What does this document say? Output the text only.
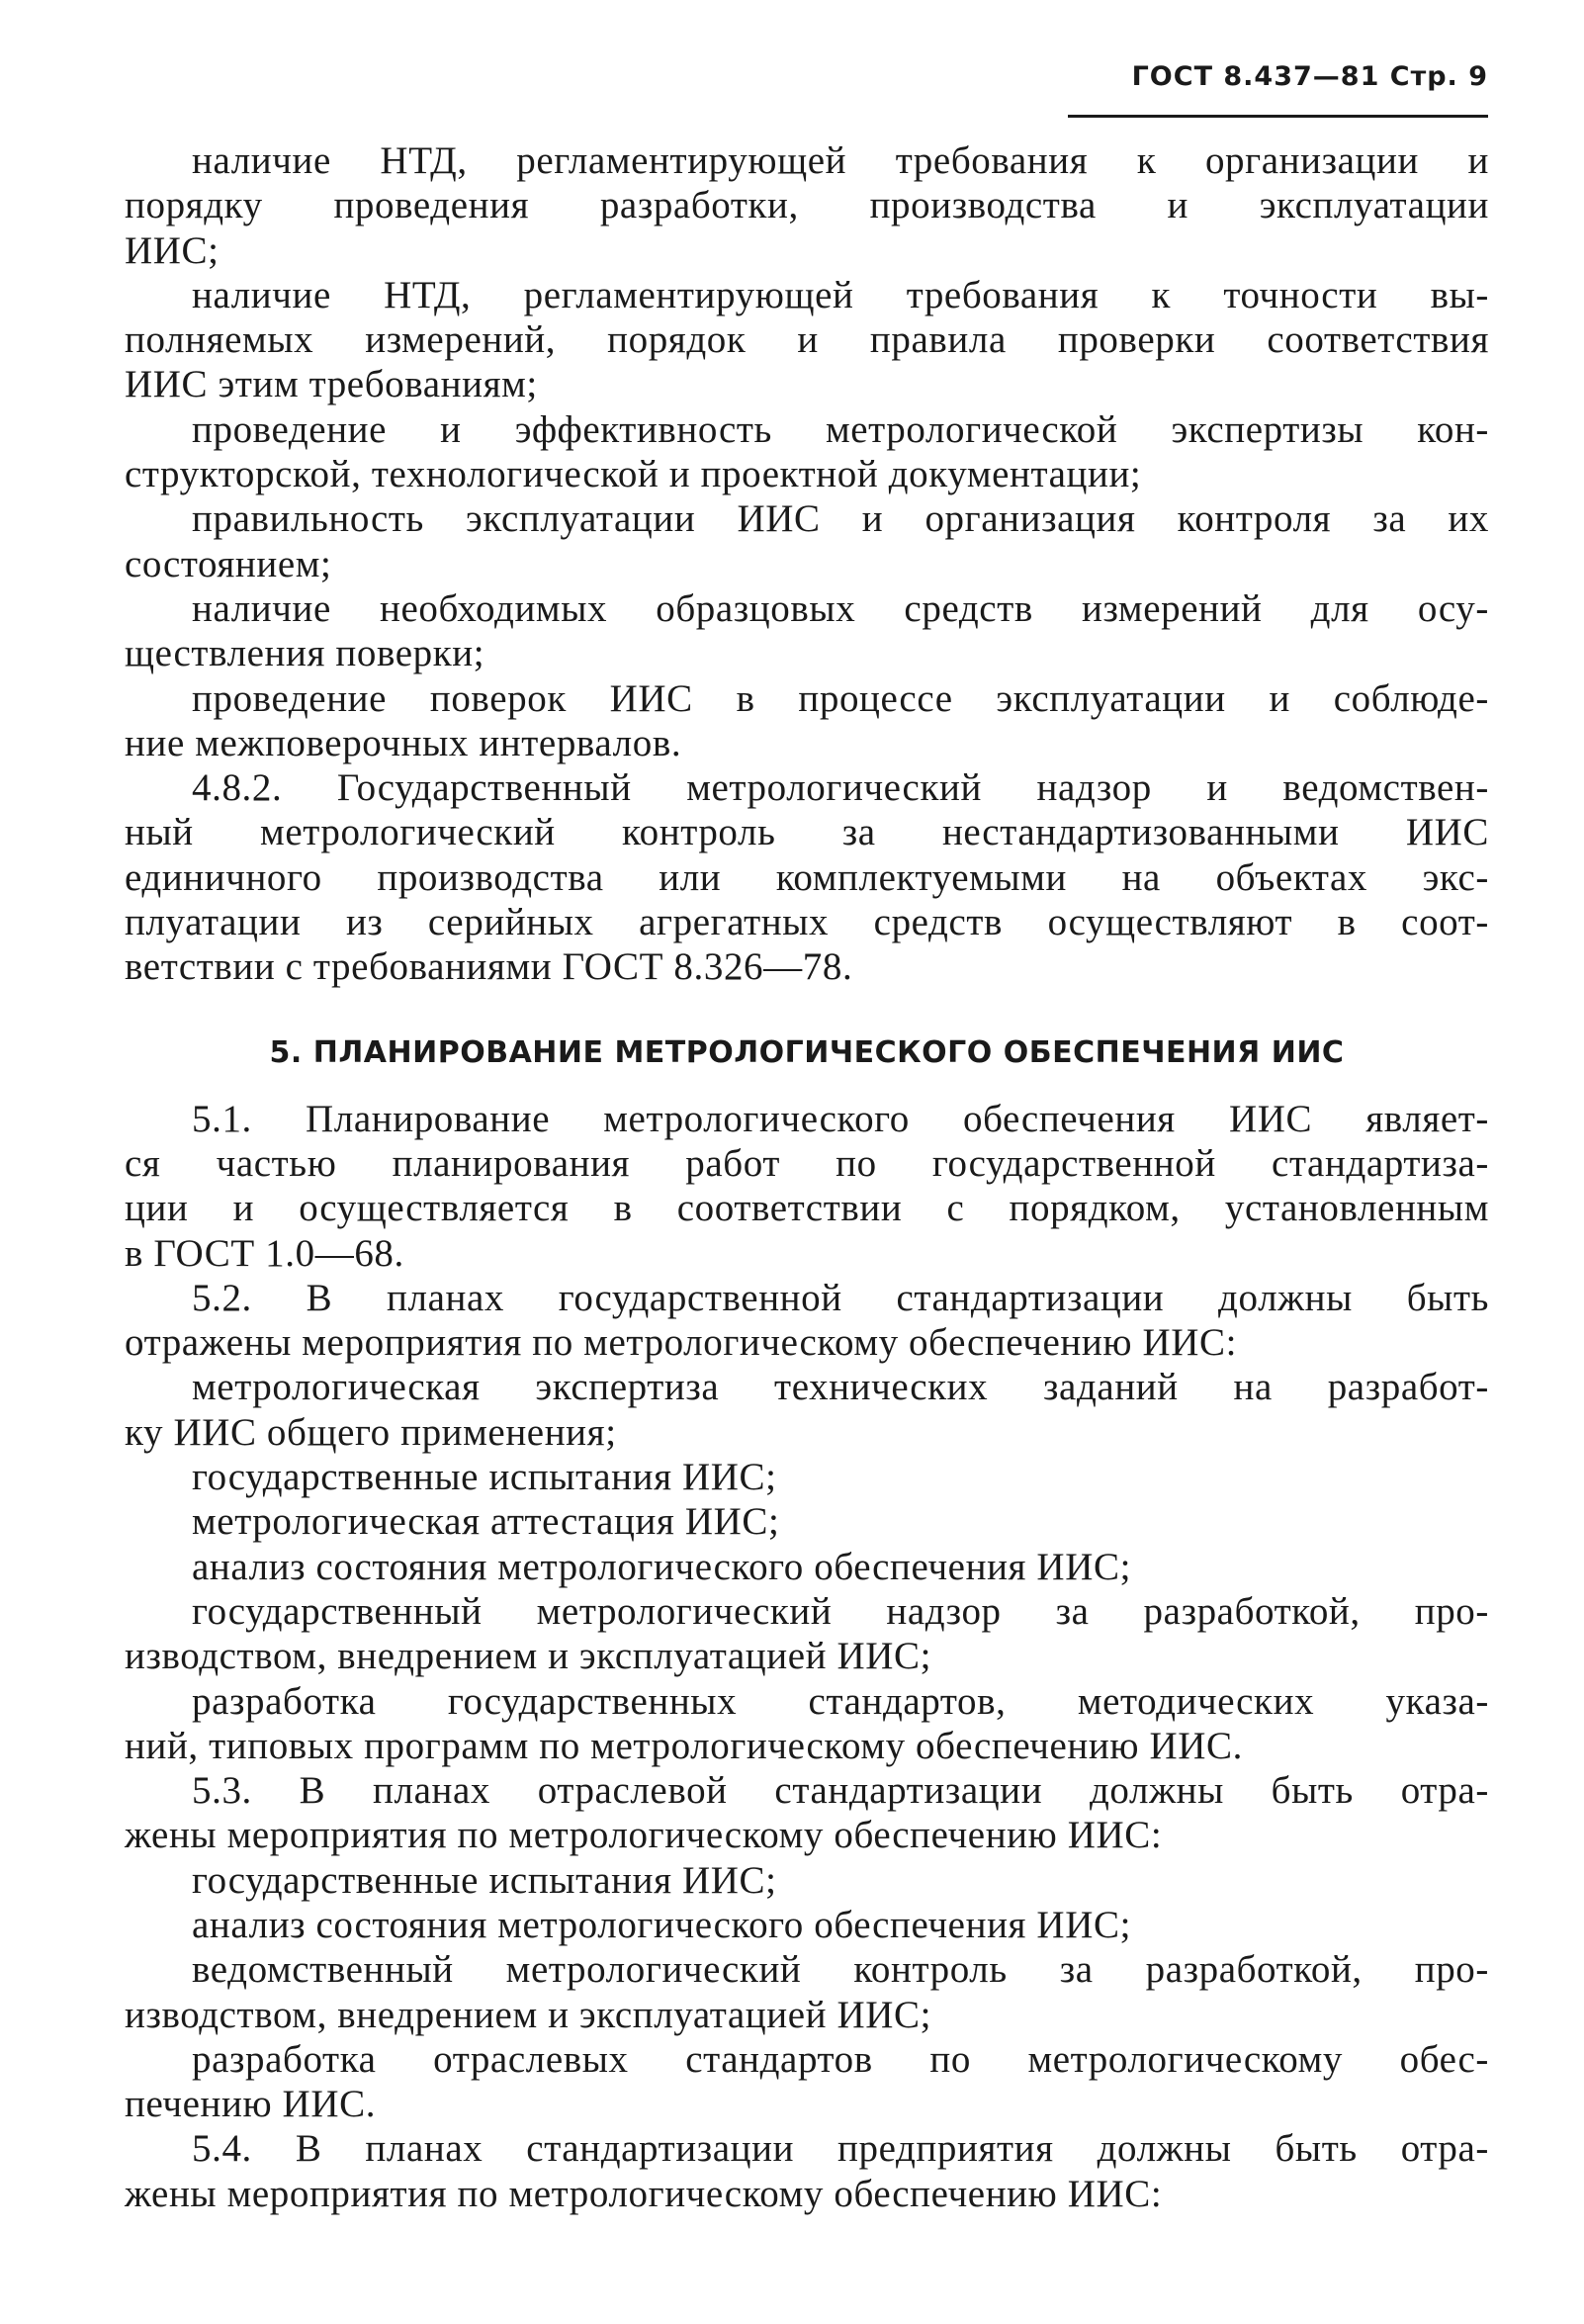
ГОСТ 8.437—81 Стр. 9
наличие НТД, регламентирующей требования к организации и
порядку проведения разработки, производства и эксплуатации
ИИС;
наличие НТД, регламентирующей требования к точности вы-
полняемых измерений, порядок и правила проверки соответствия
ИИС этим требованиям;
проведение и эффективность метрологической экспертизы кон-
структорской, технологической и проектной документации;
правильность эксплуатации ИИС и организация контроля за их
состоянием;
наличие необходимых образцовых средств измерений для осу-
ществления поверки;
проведение поверок ИИС в процессе эксплуатации и соблюде-
ние межповерочных интервалов.
4.8.2. Государственный метрологический надзор и ведомствен-
ный метрологический контроль за нестандартизованными ИИС
единичного производства или комплектуемыми на объектах экс-
плуатации из серийных агрегатных средств осуществляют в соот-
ветствии с требованиями ГОСТ 8.326—78.
5. ПЛАНИРОВАНИЕ МЕТРОЛОГИЧЕСКОГО ОБЕСПЕЧЕНИЯ ИИС
5.1. Планирование метрологического обеспечения ИИС являет-
ся частью планирования работ по государственной стандартиза-
ции и осуществляется в соответствии с порядком, установленным
в ГОСТ 1.0—68.
5.2. В планах государственной стандартизации должны быть
отражены мероприятия по метрологическому обеспечению ИИС:
метрологическая экспертиза технических заданий на разработ-
ку ИИС общего применения;
государственные испытания ИИС;
метрологическая аттестация ИИС;
анализ состояния метрологического обеспечения ИИС;
государственный метрологический надзор за разработкой, про-
изводством, внедрением и эксплуатацией ИИС;
разработка государственных стандартов, методических указа-
ний, типовых программ по метрологическому обеспечению ИИС.
5.3. В планах отраслевой стандартизации должны быть отра-
жены мероприятия по метрологическому обеспечению ИИС:
государственные испытания ИИС;
анализ состояния метрологического обеспечения ИИС;
ведомственный метрологический контроль за разработкой, про-
изводством, внедрением и эксплуатацией ИИС;
разработка отраслевых стандартов по метрологическому обес-
печению ИИС.
5.4. В планах стандартизации предприятия должны быть отра-
жены мероприятия по метрологическому обеспечению ИИС:
